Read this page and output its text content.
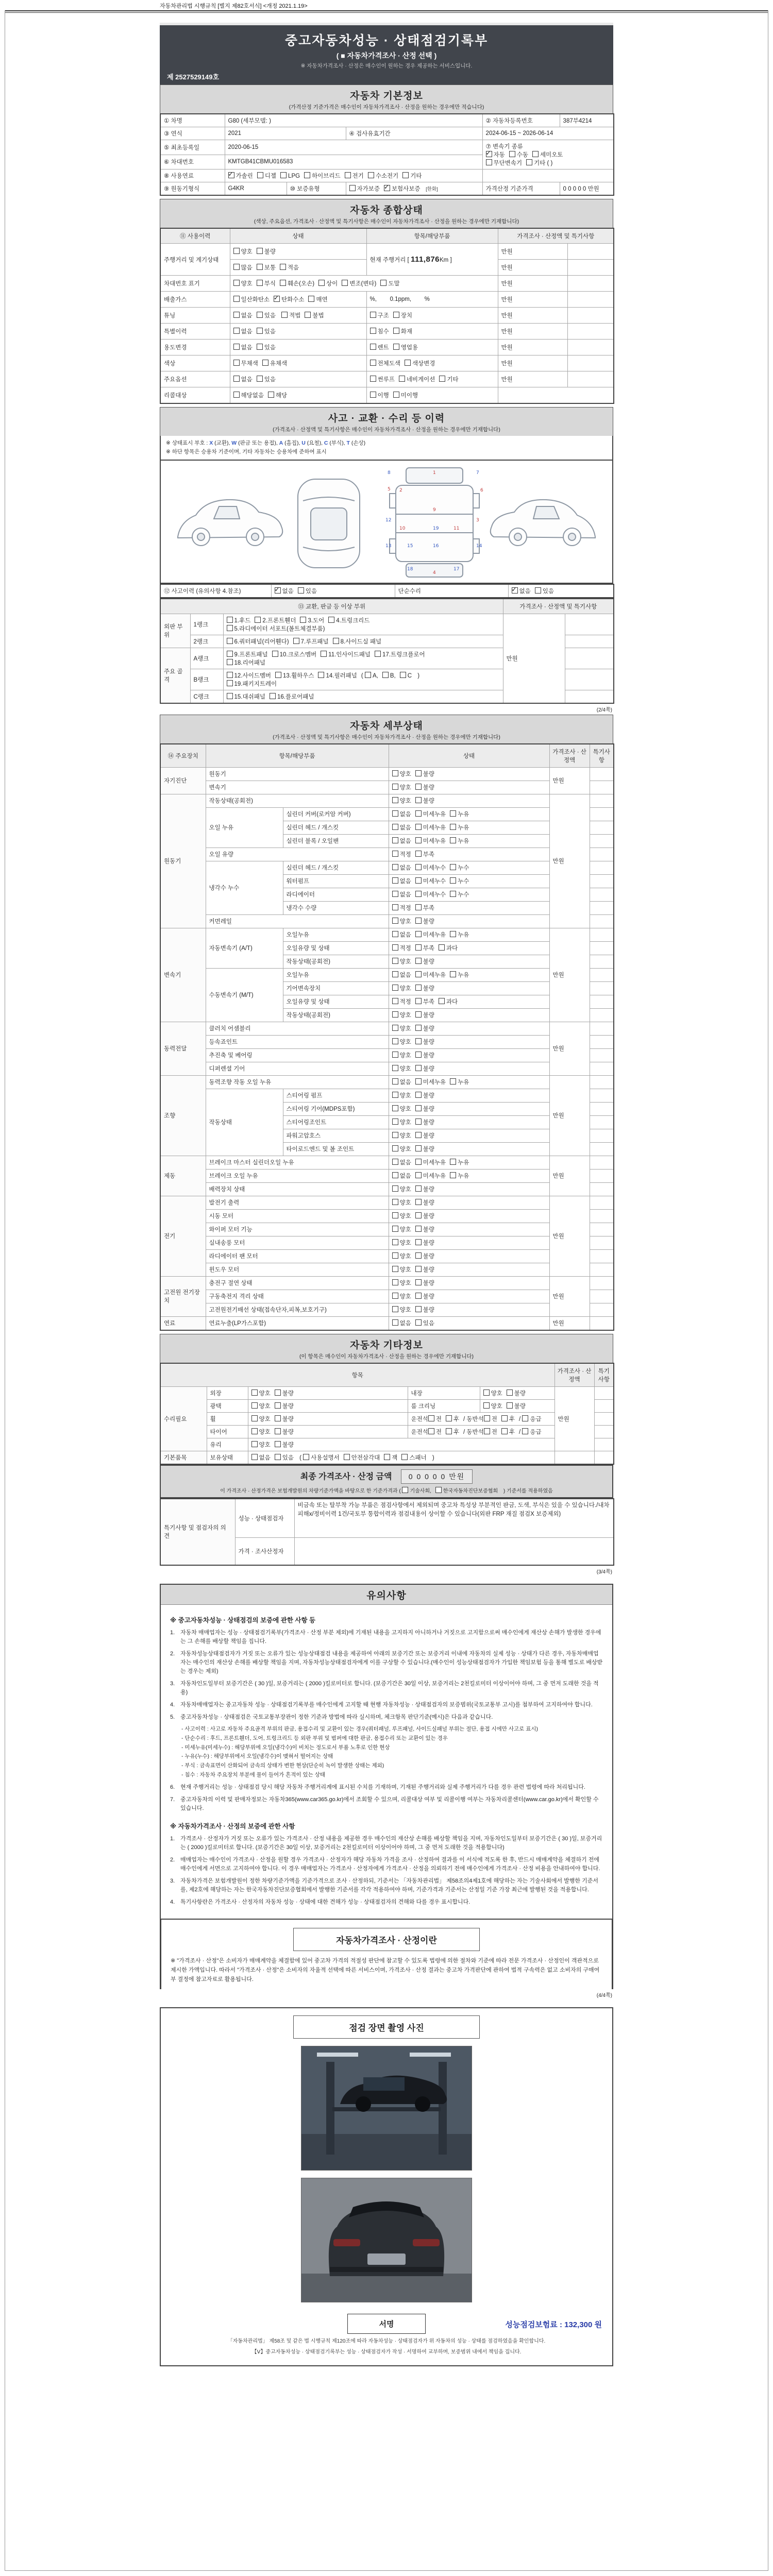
자동차관리법 시행규칙 [별지 제82호서식] <개정 2021.1.19>
중고자동차성능 · 상태점검기록부
( ■ 자동차가격조사 · 산정 선택 )
※ 자동차가격조사 · 산정은 매수인이 원하는 경우 제공하는 서비스입니다.
제 2527529149호
자동차 기본정보
(가격산정 기준가격은 매수인이 자동차가격조사 · 산정을 원하는 경우에만 적습니다)
① 차명	G80 (세부모델: )			② 자동차등록번호	387부4214
③ 연식	2021		④ 검사유효기간	2024-06-15 ~ 2026-06-14	
⑤ 최초등록일	2020-06-15			⑦ 변속기 종류
✓자동 수동 세미오토
무단변속기 기타 ( )
⑥ 차대번호	KMTGB41CBMU016583				
⑧ 사용연료	✓가솔린 디젤 LPG 하이브리드 전기 수소전기 기타	
⑨ 원동기형식	G4KR	⑩ 보증유형	자가보증 ✓ 보험사보증 [한화]	가격산정 기준가격	0 0 0 0 0 만원
자동차 종합상태
(색상, 주요옵션, 가격조사 · 산정액 및 특기사항은 매수인이 자동차가격조사 · 산정을 원하는 경우에만 기재합니다)
⑪ 사용이력	상태	항목/해당부품	가격조사 · 산정액 및 특기사항	
주행거리 및 계기상태	양호 불량	현재 주행거리 [ 111,876Km ]	만원	
	많음 보통 적음		만원	
차대번호 표기	양호 부식 훼손(오손) 상이 변조(변타) 도말		만원	
배출가스	일산화탄소 ✓ 탄화수소 매연	%,        0.1ppm,        %	만원	
튜닝	없음 있음 적법 불법	구조 장치	만원	
특별이력	없음 있음	침수 화재	만원	
용도변경	없음 있음	렌트 영업용	만원	
색상	무채색 유채색	전체도색 색상변경	만원	
주요옵션	없음 있음	썬루프 네비게이션 기타	만원	
리콜대상	해당없음 해당	이행 미이행		
사고 · 교환 · 수리 등 이력
(가격조사 · 산정액 및 특기사항은 매수인이 자동차가격조사 · 산정을 원하는 경우에만 기재합니다)
※ 상태표시 부호 : X (교환), W (판금 또는 용접), A (흠집), U (요철), C (부식), T (손상)
※ 하단 항목은 승용차 기준이며, 기타 자동차는 승용차에 준하여 표시
1
2
3
4
5	6
9
10	11
12
13	14
15	16
17
18
19
7
8
⑫ 사고이력 (유의사항 4.참조)	✓없음 있음	단순수리	✓없음 있음
⑬ 교환, 판금 등 이상 부위			가격조사 · 산정액 및 특기사항	
외판 부위	1랭크	1.후드 2.프론트휀더 3.도어 4.트렁크리드
5.라디에이터 서포트(볼트체결부품)	만원	
	2랭크	6.쿼터패널(리어휀다) 7.루프패널 8.사이드실 패널		
주요 골격	A랭크	9.프론트패널 10.크로스멤버 11.인사이드패널 17.트렁크플로어
18.리어패널		
	B랭크	12.사이드멤버 13.휠하우스 14.필러패널 ( A, B, C )
19.패키지트레이		
	C랭크	15.대쉬패널 16.플로어패널		
(2/4쪽)
자동차 세부상태
(가격조사 · 산정액 및 특기사항은 매수인이 자동차가격조사 · 산정을 원하는 경우에만 기재합니다)
⑭ 주요장치	항목/해당부품		상태	가격조사 · 산정액	특기사항
자기진단	원동기		양호 불량	만원	
	변속기		양호 불량		
원동기	작동상태(공회전)		양호 불량	만원	
	오일 누유	실린더 커버(로커암 커버)	없음 미세누유 누유		
		실린더 헤드 / 개스킷	없음 미세누유 누유		
		실린더 블록 / 오일팬	없음 미세누유 누유		
	오일 유량		적정 부족		
	냉각수 누수	실린더 헤드 / 개스킷	없음 미세누수 누수		
		워터펌프	없음 미세누수 누수		
		라디에이터	없음 미세누수 누수		
		냉각수 수량	적정 부족		
	커먼레일		양호 불량		
변속기	자동변속기 (A/T)	오일누유	없음 미세누유 누유	만원	
		오일유량 및 상태	적정 부족 과다		
		작동상태(공회전)	양호 불량		
	수동변속기 (M/T)	오일누유	없음 미세누유 누유		
		기어변속장치	양호 불량		
		오일유량 및 상태	적정 부족 과다		
		작동상태(공회전)	양호 불량		
동력전달	클러치 어셈블리		양호 불량	만원	
	등속죠인트		양호 불량		
	추진축 및 베어링		양호 불량		
	디퍼렌셜 기어		양호 불량		
조향	동력조향 작동 오일 누유		없음 미세누유 누유	만원	
	작동상태	스티어링 펌프	양호 불량		
		스티어링 기어(MDPS포함)	양호 불량		
		스티어링조인트	양호 불량		
		파워고압호스	양호 불량		
		타이로드엔드 및 볼 조인트	양호 불량		
제동	브레이크 마스터 실린더오일 누유		없음 미세누유 누유	만원	
	브레이크 오일 누유		없음 미세누유 누유		
	배력장치 상태		양호 불량		
전기	발전기 출력		양호 불량	만원	
	시동 모터		양호 불량		
	와이퍼 모터 기능		양호 불량		
	실내송풍 모터		양호 불량		
	라디에이터 팬 모터		양호 불량		
	윈도우 모터		양호 불량		
고전원 전기장치	충전구 절연 상태		양호 불량	만원	
	구동축전지 격리 상태		양호 불량		
	고전원전기배선 상태(접속단자,피복,보호기구)		양호 불량		
연료	연료누출(LP가스포함)		없음 있음	만원	
자동차 기타정보
(이 항목은 매수인이 자동차가격조사 · 산정을 원하는 경우에만 기재합니다)
항목					가격조사 · 산정액	특기사항
수리필요	외장	양호 불량	내장	양호 불량	만원	
	광택	양호 불량	룸 크리닝	양호 불량		
	휠	양호 불량	운전석 전 후 / 동반석 전 후 / 응급			
	타이어	양호 불량	운전석 전 후 / 동반석 전 후 / 응급			
	유리	양호 불량				
기본품목	보유상태	없음 있음 ( 사용설명서 안전삼각대 잭 스패너 )				
최종 가격조사 · 산정 금액 0 0 0 0 0 만원
이 가격조사 · 산정가격은 보험개발원의 차량기준가액을 바탕으로 한 기준가격과 ( 기술사회, 한국자동차진단보증협회 ) 기준서를 적용하였음
특기사항 및 점검자의 의견	성능 · 상태점검자	비금속 또는 탈부착 가능 부품은 점검사항에서 제외되며 중고차 특성상 부분적인 판금, 도색, 부식은 있을 수 있습니다./내차피해x/정비이력 1건/국토부 통합이력과 점검내용이 상이할 수 있습니다(외판 FRP 재질 점검X 보증제외)
	가격 · 조사산정자	
(3/4쪽)
유의사항
※ 중고자동차성능 · 상태점검의 보증에 관한 사항 등
1. 자동차 매매업자는 성능 · 상태점검기록부(가격조사 · 산정 부분 제외)에 기재된 내용을 고지하지 아니하거나 거짓으로 고지함으로써 매수인에게 재산상 손해가 발생한 경우에는 그 손해를 배상할 책임을 집니다.
2. 자동차성능상태점검자가 거짓 또는 오류가 있는 성능상태점검 내용을 제공하여 아래의 보증기간 또는 보증거리 이내에 자동차의 실제 성능 · 상태가 다른 경우, 자동차매매업자는 매수인의 재산상 손해를 배상할 책임을 지며, 자동차성능상태점검자에게 이를 구상할 수 있습니다.(매수인이 성능상태점검자가 가입한 책임보험 등을 통해 별도로 배상받는 경우는 제외)
3. 자동차인도일부터 보증기간은 ( 30 )일, 보증거리는 ( 2000 )킬로미터로 합니다. (보증기간은 30일 이상, 보증거리는 2천킬로미터 이상이어야 하며, 그 중 먼저 도래한 것을 적용)
4. 자동차매매업자는 중고자동차 성능 · 상태점검기록부를 매수인에게 고지할 때 현행 자동차성능 · 상태점검자의 보증범위(국토교통부 고시)를 첨부하여 고지하여야 합니다.
5. 중고자동차성능 · 상태점검은 국토교통부장관이 정한 기준과 방법에 따라 실시하며, 체크항목 판단기준(예시)은 다음과 같습니다.
- 사고이력 : 사고로 자동차 주요골격 부위의 판금, 용접수리 및 교환이 있는 경우(쿼터패널, 루프패널, 사이드실패널 부위는 절단, 용접 시에만 사고로 표시)
- 단순수리 : 후드, 프론트휀더, 도어, 트렁크리드 등 외판 부위 및 범퍼에 대한 판금, 용접수리 또는 교환이 있는 경우
- 미세누유(미세누수) : 해당부위에 오일(냉각수)이 비치는 정도로서 부품 노후로 인한 현상
- 누유(누수) : 해당부위에서 오일(냉각수)이 맺혀서 떨어지는 상태
- 부식 : 금속표면이 산화되어 금속의 상태가 변한 현상(단순히 녹이 발생한 상태는 제외)
- 침수 : 자동차 주요장치 부분에 물이 들어가 흔적이 있는 상태
6. 현재 주행거리는 성능 · 상태점검 당시 해당 자동차 주행거리계에 표시된 수치를 기재하며, 기재된 주행거리와 실제 주행거리가 다를 경우 관련 법령에 따라 처리됩니다.
7. 중고자동차의 이력 및 판매자정보는 자동차365(www.car365.go.kr)에서 조회할 수 있으며, 리콜대상 여부 및 리콜이행 여부는 자동차리콜센터(www.car.go.kr)에서 확인할 수 있습니다.
※ 자동차가격조사 · 산정의 보증에 관한 사항
1. 가격조사 · 산정자가 거짓 또는 오류가 있는 가격조사 · 산정 내용을 제공한 경우 매수인의 재산상 손해를 배상할 책임을 지며, 자동차인도일부터 보증기간은 ( 30 )일, 보증거리는 ( 2000 )킬로미터로 합니다. (보증기간은 30일 이상, 보증거리는 2천킬로미터 이상이어야 하며, 그 중 먼저 도래한 것을 적용합니다)
2. 매매업자는 매수인이 가격조사 · 산정을 원할 경우 가격조사 · 산정자가 해당 자동차 가격을 조사 · 산정하여 결과를 이 서식에 적도록 한 후, 반드시 매매계약을 체결하기 전에 매수인에게 서면으로 고지하여야 합니다. 이 경우 매매업자는 가격조사 · 산정자에게 가격조사 · 산정을 의뢰하기 전에 매수인에게 가격조사 · 산정 비용을 안내하여야 합니다.
3. 자동차가격은 보험개발원이 정한 차량기준가액을 기준가격으로 조사 · 산정하되, 기준서는 「자동차관리법」 제58조의4제1호에 해당하는 자는 기술사회에서 발행한 기준서를, 제2호에 해당하는 자는 한국자동차진단보증협회에서 발행한 기준서를 각각 적용하여야 하며, 기준가격과 기준서는 산정일 기준 가장 최근에 발행된 것을 적용합니다.
4. 특기사항란은 가격조사 · 산정자의 자동차 성능 · 상태에 대한 견해가 성능 · 상태점검자의 견해와 다를 경우 표시합니다.
자동차가격조사 · 산정이란
※ "가격조사 · 산정"은 소비자가 매매계약을 체결함에 있어 중고차 가격의 적절성 판단에 참고할 수 있도록 법령에 의한 절차와 기준에 따라 전문 가격조사 · 산정인이 객관적으로 제시한 가액입니다. 따라서 "가격조사 · 산정"은 소비자의 자율적 선택에 따른 서비스이며, 가격조사 · 산정 결과는 중고차 가격판단에 관하여 법적 구속력은 없고 소비자의 구매여부 결정에 참고자료로 활용됩니다.
(4/4쪽)
점검 장면 촬영 사진
서명	성능점검보험료 : 132,300 원
「자동차관리법」 제58조 및 같은 법 시행규칙 제120조에 따라 자동차성능 · 상태점검자가 위 자동차의 성능 · 상태를 점검하였음을 확인합니다.
【Ⅴ】중고자동차성능 · 상태점검기록부는 성능 · 상태점검자가 작성 · 서명하여 교부하며, 보증범위 내에서 책임을 집니다.
